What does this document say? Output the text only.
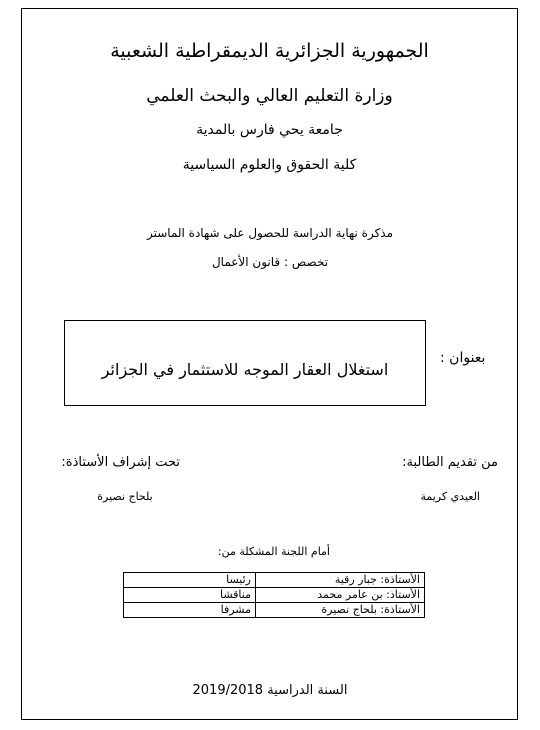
الجمهورية الجزائرية الديمقراطية الشعبية
وزارة التعليم العالي والبحث العلمي
جامعة يحي فارس بالمدية
كلية الحقوق والعلوم السياسية
مذكرة نهاية الدراسة للحصول على شهادة الماستر
تخصص : قانون الأعمال
بعنوان :
استغلال العقار الموجه للاستثمار في الجزائر
من تقديم الطالبة:
العيدي كريمة
تحت إشراف الأستاذة:
بلحاج نصيرة
أمام اللجنة المشكلة من:
الأستاذة: جبار رقية	رئيسا
الأستاذ: بن عامر محمد	مناقشا
الأستاذة: بلحاج نصيرة	مشرفا
السنة الدراسية 2019/2018
